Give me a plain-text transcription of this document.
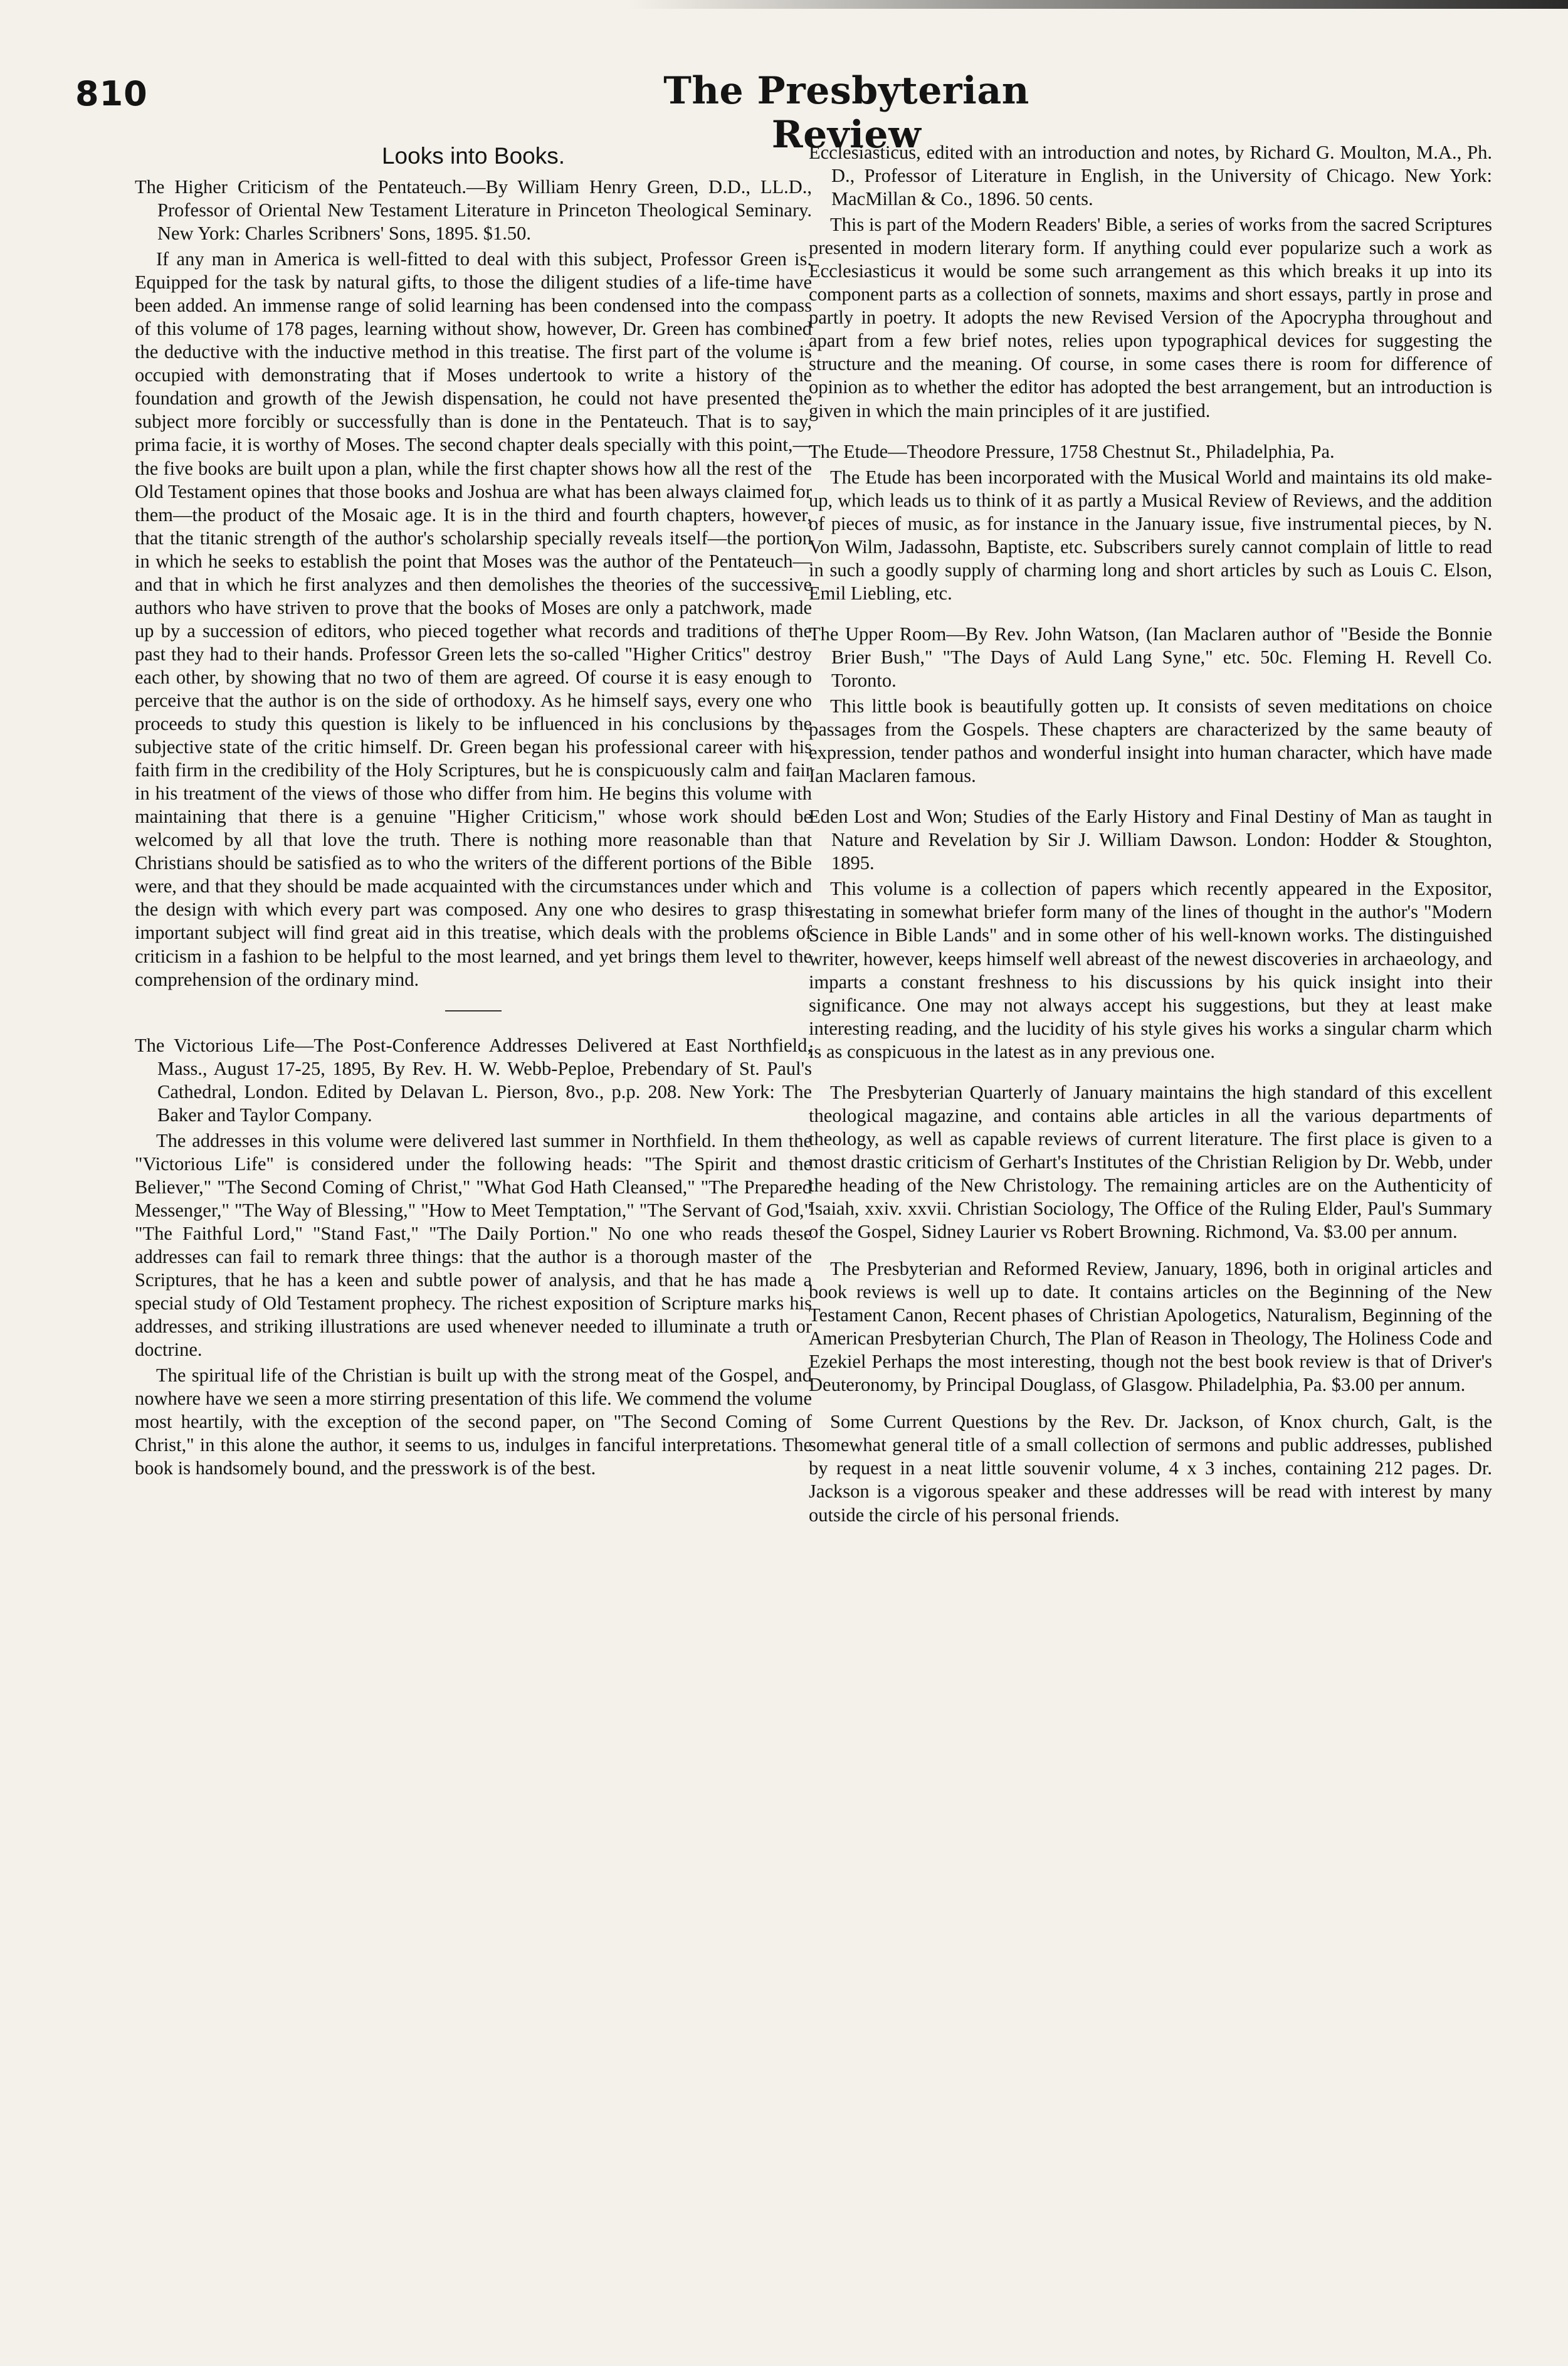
810	The Presbyterian Review
Looks into Books.
The Higher Criticism of the Pentateuch.—By William Henry Green, D.D., LL.D., Professor of Oriental New Testament Literature in Princeton Theological Seminary. New York: Charles Scribners' Sons, 1895. $1.50.

If any man in America is well-fitted to deal with this subject, Professor Green is. Equipped for the task by natural gifts, to those the diligent studies of a life-time have been added. An immense range of solid learning has been condensed into the compass of this volume of 178 pages, learning without show, however, Dr. Green has combined the deductive with the inductive method in this treatise. The first part of the volume is occupied with demonstrating that if Moses undertook to write a history of the foundation and growth of the Jewish dispensation, he could not have presented the subject more forcibly or successfully than is done in the Pentateuch. That is to say, prima facie, it is worthy of Moses. The second chapter deals specially with this point,—the five books are built upon a plan, while the first chapter shows how all the rest of the Old Testament opines that those books and Joshua are what has been always claimed for them—the product of the Mosaic age. It is in the third and fourth chapters, however, that the titanic strength of the author's scholarship specially reveals itself—the portion in which he seeks to establish the point that Moses was the author of the Pentateuch—and that in which he first analyzes and then demolishes the theories of the successive authors who have striven to prove that the books of Moses are only a patchwork, made up by a succession of editors, who pieced together what records and traditions of the past they had to their hands. Professor Green lets the so-called "Higher Critics" destroy each other, by showing that no two of them are agreed. Of course it is easy enough to perceive that the author is on the side of orthodoxy. As he himself says, every one who proceeds to study this question is likely to be influenced in his conclusions by the subjective state of the critic himself. Dr. Green began his professional career with his faith firm in the credibility of the Holy Scriptures, but he is conspicuously calm and fair in his treatment of the views of those who differ from him. He begins this volume with maintaining that there is a genuine "Higher Criticism," whose work should be welcomed by all that love the truth. There is nothing more reasonable than that Christians should be satisfied as to who the writers of the different portions of the Bible were, and that they should be made acquainted with the circumstances under which and the design with which every part was composed. Any one who desires to grasp this important subject will find great aid in this treatise, which deals with the problems of criticism in a fashion to be helpful to the most learned, and yet brings them level to the comprehension of the ordinary mind.

The Victorious Life—The Post-Conference Addresses Delivered at East Northfield, Mass., August 17-25, 1895, By Rev. H. W. Webb-Peploe, Prebendary of St. Paul's Cathedral, London. Edited by Delavan L. Pierson, 8vo., p.p. 208. New York: The Baker and Taylor Company.

The addresses in this volume were delivered last summer in Northfield. In them the "Victorious Life" is considered under the following heads: "The Spirit and the Believer," "The Second Coming of Christ," "What God Hath Cleansed," "The Prepared Messenger," "The Way of Blessing," "How to Meet Temptation," "The Servant of God," "The Faithful Lord," "Stand Fast," "The Daily Portion." No one who reads these addresses can fail to remark three things: that the author is a thorough master of the Scriptures, that he has a keen and subtle power of analysis, and that he has made a special study of Old Testament prophecy. The richest exposition of Scripture marks his addresses, and striking illustrations are used whenever needed to illuminate a truth or doctrine.

The spiritual life of the Christian is built up with the strong meat of the Gospel, and nowhere have we seen a more stirring presentation of this life. We commend the volume most heartily, with the exception of the second paper, on "The Second Coming of Christ," in this alone the author, it seems to us, indulges in fanciful interpretations. The book is handsomely bound, and the presswork is of the best.

Ecclesiasticus, edited with an introduction and notes, by Richard G. Moulton, M.A., Ph. D., Professor of Literature in English, in the University of Chicago. New York: MacMillan & Co., 1896. 50 cents.

This is part of the Modern Readers' Bible, a series of works from the sacred Scriptures presented in modern literary form. If anything could ever popularize such a work as Ecclesiasticus it would be some such arrangement as this which breaks it up into its component parts as a collection of sonnets, maxims and short essays, partly in prose and partly in poetry. It adopts the new Revised Version of the Apocrypha throughout and apart from a few brief notes, relies upon typographical devices for suggesting the structure and the meaning. Of course, in some cases there is room for difference of opinion as to whether the editor has adopted the best arrangement, but an introduction is given in which the main principles of it are justified.

The Etude—Theodore Pressure, 1758 Chestnut St., Philadelphia, Pa.

The Etude has been incorporated with the Musical World and maintains its old make-up, which leads us to think of it as partly a Musical Review of Reviews, and the addition of pieces of music, as for instance in the January issue, five instrumental pieces, by N. Von Wilm, Jadassohn, Baptiste, etc. Subscribers surely cannot complain of little to read in such a goodly supply of charming long and short articles by such as Louis C. Elson, Emil Liebling, etc.

The Upper Room—By Rev. John Watson, (Ian Maclaren author of "Beside the Bonnie Brier Bush," "The Days of Auld Lang Syne," etc. 50c. Fleming H. Revell Co. Toronto.

This little book is beautifully gotten up. It consists of seven meditations on choice passages from the Gospels. These chapters are characterized by the same beauty of expression, tender pathos and wonderful insight into human character, which have made Ian Maclaren famous.

Eden Lost and Won; Studies of the Early History and Final Destiny of Man as taught in Nature and Revelation by Sir J. William Dawson. London: Hodder & Stoughton, 1895.

This volume is a collection of papers which recently appeared in the Expositor, restating in somewhat briefer form many of the lines of thought in the author's "Modern Science in Bible Lands" and in some other of his well-known works. The distinguished writer, however, keeps himself well abreast of the newest discoveries in archaeology, and imparts a constant freshness to his discussions by his quick insight into their significance. One may not always accept his suggestions, but they at least make interesting reading, and the lucidity of his style gives his works a singular charm which is as conspicuous in the latest as in any previous one.

The Presbyterian Quarterly of January maintains the high standard of this excellent theological magazine, and contains able articles in all the various departments of theology, as well as capable reviews of current literature. The first place is given to a most drastic criticism of Gerhart's Institutes of the Christian Religion by Dr. Webb, under the heading of the New Christology. The remaining articles are on the Authenticity of Isaiah, xxiv. xxvii. Christian Sociology, The Office of the Ruling Elder, Paul's Summary of the Gospel, Sidney Laurier vs Robert Browning. Richmond, Va. $3.00 per annum.

The Presbyterian and Reformed Review, January, 1896, both in original articles and book reviews is well up to date. It contains articles on the Beginning of the New Testament Canon, Recent phases of Christian Apologetics, Naturalism, Beginning of the American Presbyterian Church, The Plan of Reason in Theology, The Holiness Code and Ezekiel Perhaps the most interesting, though not the best book review is that of Driver's Deuteronomy, by Principal Douglass, of Glasgow. Philadelphia, Pa. $3.00 per annum.

Some Current Questions by the Rev. Dr. Jackson, of Knox church, Galt, is the somewhat general title of a small collection of sermons and public addresses, published by request in a neat little souvenir volume, 4 x 3 inches, containing 212 pages. Dr. Jackson is a vigorous speaker and these addresses will be read with interest by many outside the circle of his personal friends.
